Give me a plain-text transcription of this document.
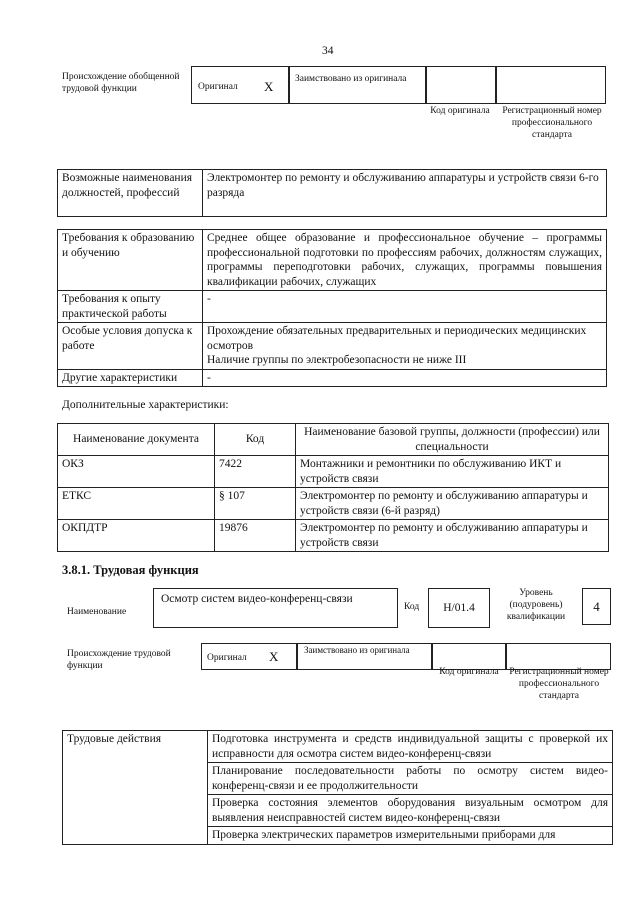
34
Происхождение обобщенной трудовой функции	Оригинал X Заимствовано из оригинала
Код оригинала Регистрационный номер профессионального стандарта
Возможные наименования должностей, профессий	Электромонтер по ремонту и обслуживанию аппаратуры и устройств связи 6-го разряда
Требования к образованию и обучению	Среднее общее образование и профессиональное обучение – программы профессиональной подготовки по профессиям рабочих, должностям служащих, программы переподготовки рабочих, служащих, программы повышения квалификации рабочих, служащих
Требования к опыту практической работы	-
Особые условия допуска к работе	Прохождение обязательных предварительных и периодических медицинских осмотров
Наличие группы по электробезопасности не ниже III

Другие характеристики	-
Дополнительные характеристики:
Наименование документа	Код	Наименование базовой группы, должности (профессии) или специальности
ОКЗ	7422	Монтажники и ремонтники по обслуживанию ИКТ и устройств связи
ЕТКС	§ 107	Электромонтер по ремонту и обслуживанию аппаратуры и устройств связи (6-й разряд)
ОКПДТР	19876	Электромонтер по ремонту и обслуживанию аппаратуры и устройств связи
3.8.1. Трудовая функция
Наименование
Осмотр систем видео-конференц-связи
Код	H/01.4
Уровень (подуровень) квалификации
4
Происхождение трудовой функции
Оригинал X	Заимствовано из оригинала
Код оригинала Регистрационный номер профессионального стандарта
Трудовые действия	Подготовка инструмента и средств индивидуальной защиты с проверкой их исправности для осмотра систем видео-конференц-связи
Планирование последовательности работы по осмотру систем видео-конференц-связи и ее продолжительности
Проверка состояния элементов оборудования визуальным осмотром для выявления неисправностей систем видео-конференц-связи
Проверка электрических параметров измерительными приборами для
